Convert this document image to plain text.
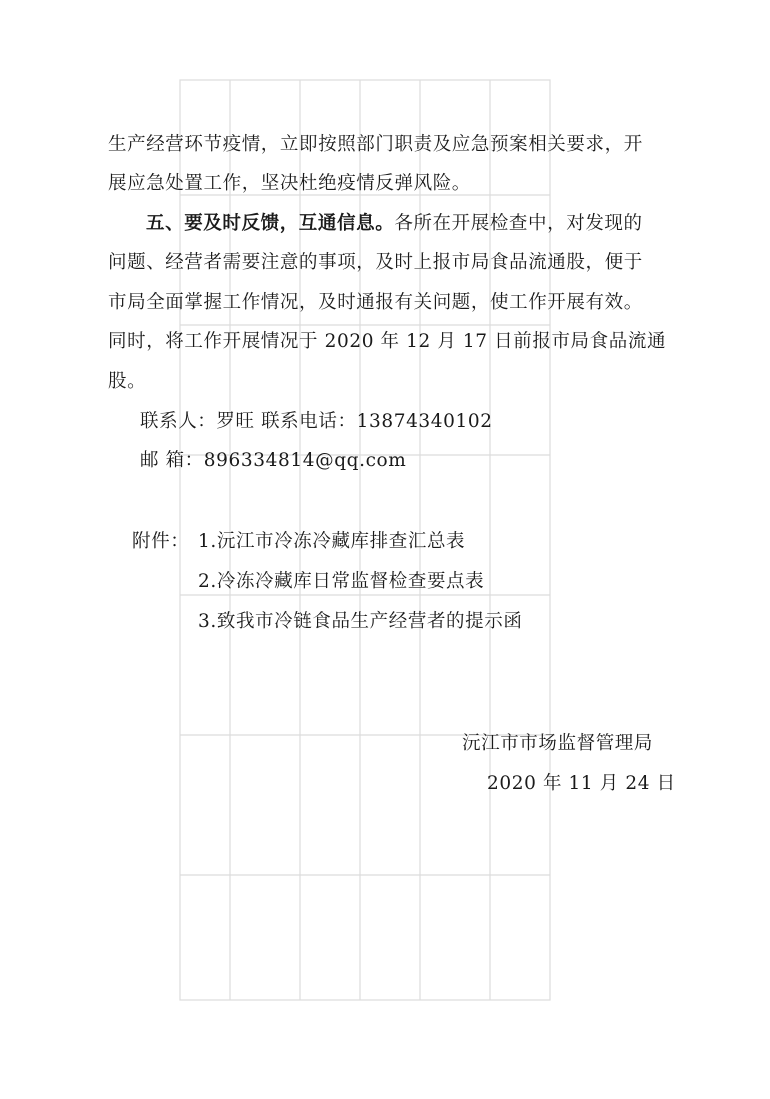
生产经营环节疫情，立即按照部门职责及应急预案相关要求，开
展应急处置工作，坚决杜绝疫情反弹风险。
五、要及时反馈，互通信息。各所在开展检查中，对发现的
问题、经营者需要注意的事项，及时上报市局食品流通股，便于
市局全面掌握工作情况，及时通报有关问题，使工作开展有效。
同时，将工作开展情况于 2020 年 12 月 17 日前报市局食品流通
股。
联系人：罗旺 联系电话：13874340102
邮 箱：896334814@qq.com
附件： 1.沅江市冷冻冷藏库排查汇总表
2.冷冻冷藏库日常监督检查要点表
3.致我市冷链食品生产经营者的提示函
沅江市市场监督管理局
2020 年 11 月 24 日
